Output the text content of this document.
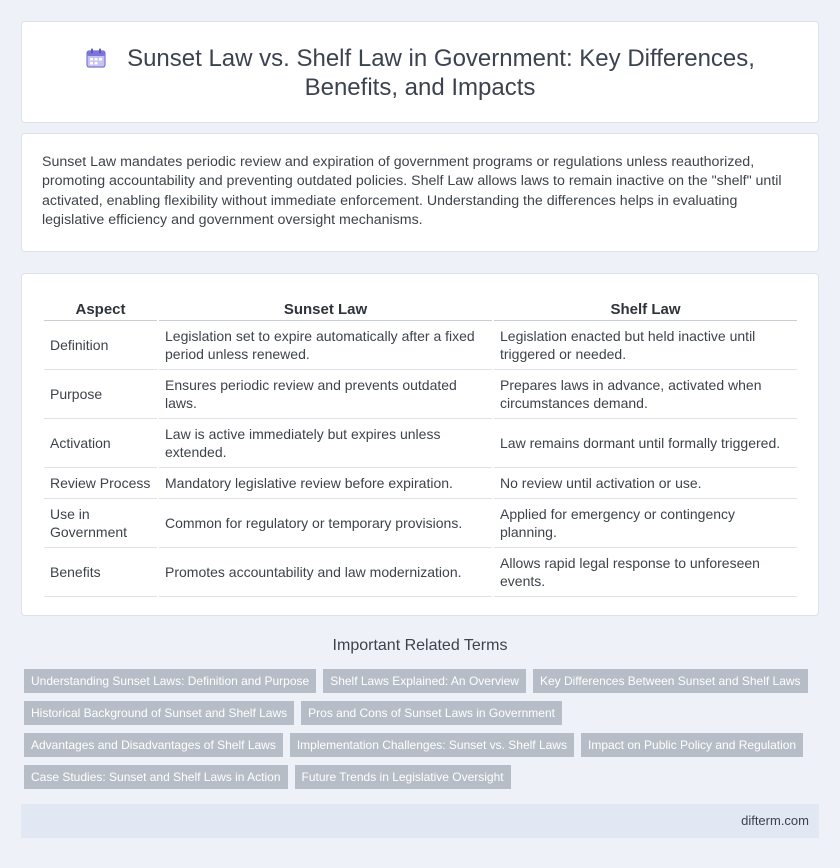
Sunset Law vs. Shelf Law in Government: Key Differences,
Benefits, and Impacts

Sunset Law mandates periodic review and expiration of government programs or regulations unless reauthorized, promoting accountability and preventing outdated policies. Shelf Law allows laws to remain inactive on the "shelf" until activated, enabling flexibility without immediate enforcement. Understanding the differences helps in evaluating legislative efficiency and government oversight mechanisms.

Aspect	Sunset Law	Shelf Law
Definition	Legislation set to expire automatically after a fixed period unless renewed.	Legislation enacted but held inactive until triggered or needed.
Purpose	Ensures periodic review and prevents outdated laws.	Prepares laws in advance, activated when circumstances demand.
Activation	Law is active immediately but expires unless extended.	Law remains dormant until formally triggered.
Review Process	Mandatory legislative review before expiration.	No review until activation or use.
Use in Government	Common for regulatory or temporary provisions.	Applied for emergency or contingency planning.
Benefits	Promotes accountability and law modernization.	Allows rapid legal response to unforeseen events.
Important Related Terms
Understanding Sunset Laws: Definition and Purpose	Shelf Laws Explained: An Overview	Key Differences Between Sunset and Shelf Laws
Historical Background of Sunset and Shelf Laws	Pros and Cons of Sunset Laws in Government
Advantages and Disadvantages of Shelf Laws	Implementation Challenges: Sunset vs. Shelf Laws	Impact on Public Policy and Regulation
Case Studies: Sunset and Shelf Laws in Action	Future Trends in Legislative Oversight
difterm.com
